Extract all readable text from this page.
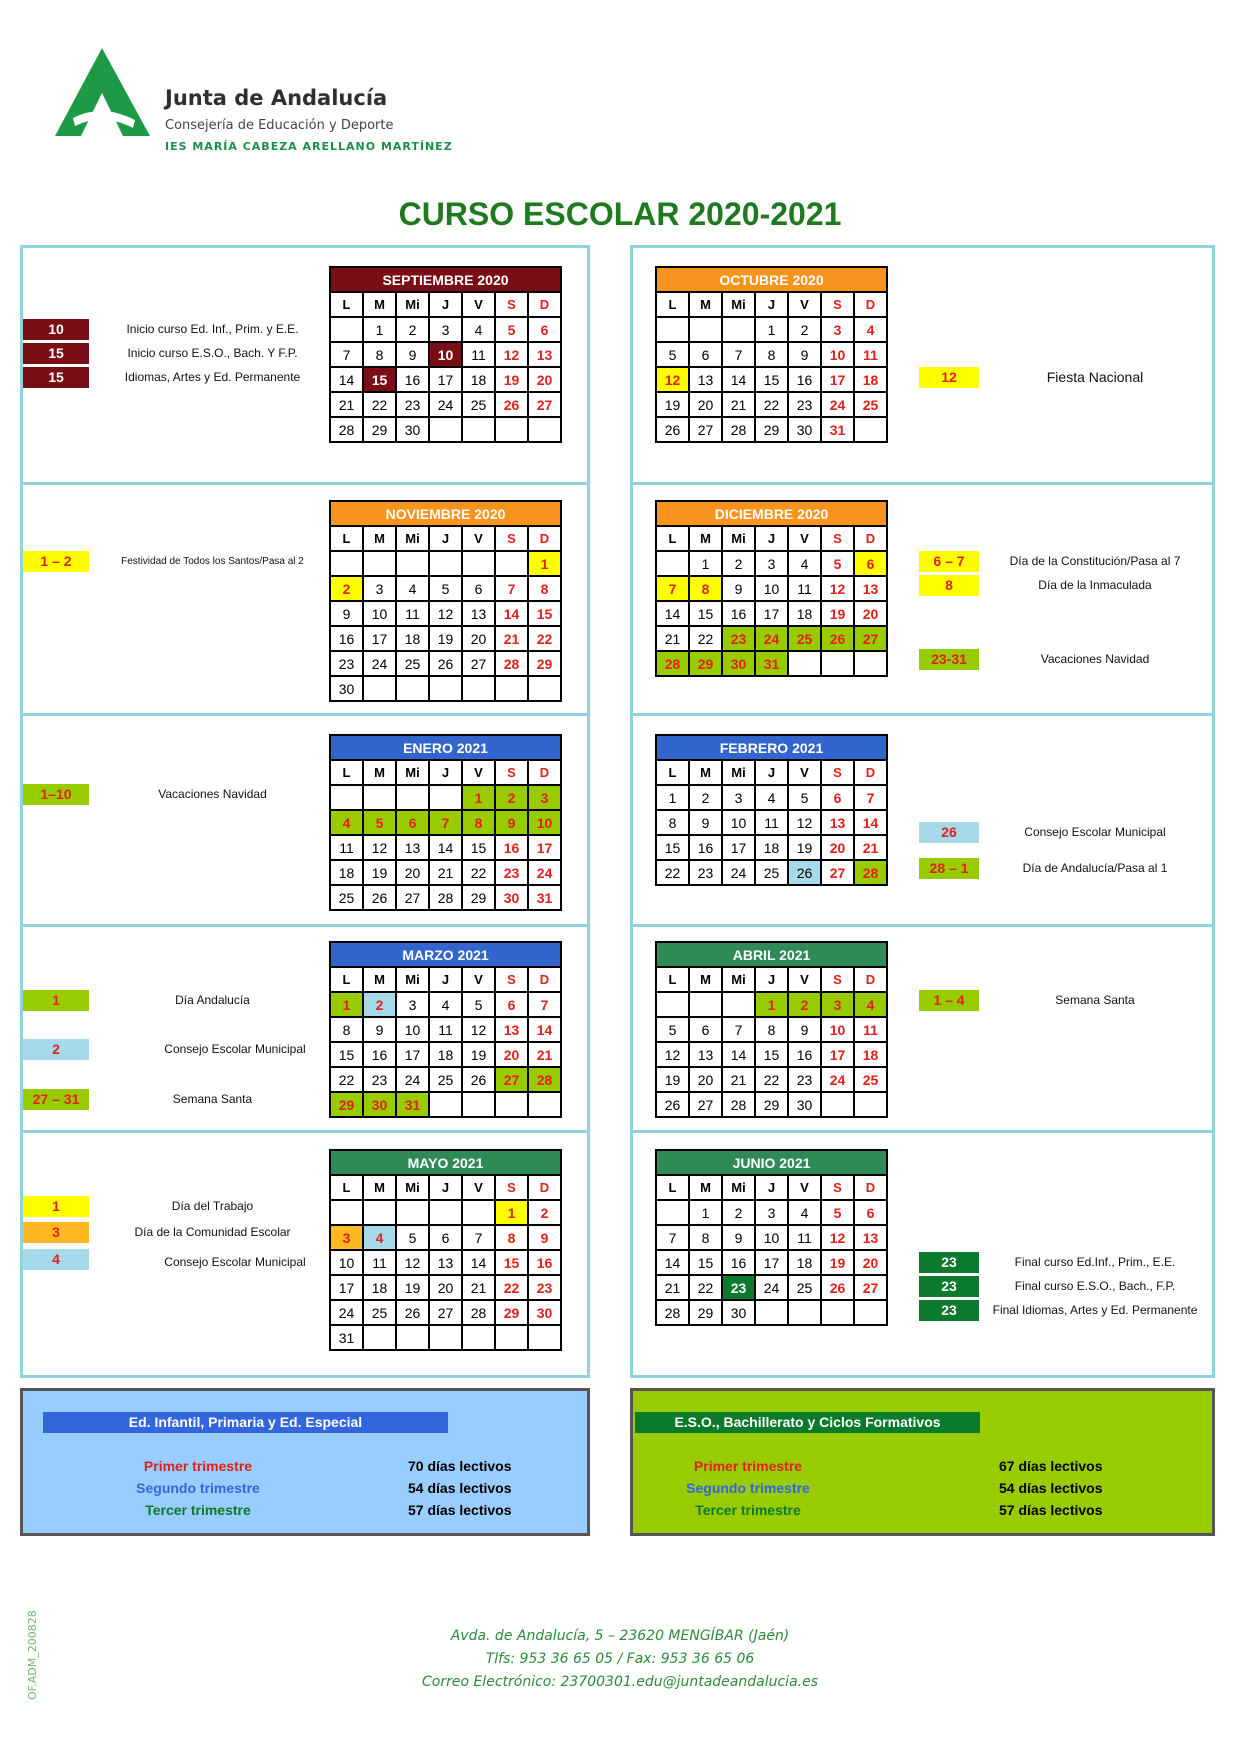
Junta de Andalucía
Consejería de Educación y Deporte
IES MARÍA CABEZA ARELLANO MARTÍNEZ
CURSO ESCOLAR 2020-2021
SEPTIEMBRE 2020						
L	M	Mi	J	V	S	D
	1	2	3	4	5	6
7	8	9	10	11	12	13
14	15	16	17	18	19	20
21	22	23	24	25	26	27
28	29	30				
OCTUBRE 2020						
L	M	Mi	J	V	S	D
			1	2	3	4
5	6	7	8	9	10	11
12	13	14	15	16	17	18
19	20	21	22	23	24	25
26	27	28	29	30	31	
NOVIEMBRE 2020						
L	M	Mi	J	V	S	D
						1
2	3	4	5	6	7	8
9	10	11	12	13	14	15
16	17	18	19	20	21	22
23	24	25	26	27	28	29
30						
DICIEMBRE 2020						
L	M	Mi	J	V	S	D
	1	2	3	4	5	6
7	8	9	10	11	12	13
14	15	16	17	18	19	20
21	22	23	24	25	26	27
28	29	30	31			
ENERO 2021						
L	M	Mi	J	V	S	D
				1	2	3
4	5	6	7	8	9	10
11	12	13	14	15	16	17
18	19	20	21	22	23	24
25	26	27	28	29	30	31
FEBRERO 2021						
L	M	Mi	J	V	S	D
1	2	3	4	5	6	7
8	9	10	11	12	13	14
15	16	17	18	19	20	21
22	23	24	25	26	27	28
MARZO 2021						
L	M	Mi	J	V	S	D
1	2	3	4	5	6	7
8	9	10	11	12	13	14
15	16	17	18	19	20	21
22	23	24	25	26	27	28
29	30	31				
ABRIL 2021						
L	M	Mi	J	V	S	D
			1	2	3	4
5	6	7	8	9	10	11
12	13	14	15	16	17	18
19	20	21	22	23	24	25
26	27	28	29	30		
MAYO 2021						
L	M	Mi	J	V	S	D
					1	2
3	4	5	6	7	8	9
10	11	12	13	14	15	16
17	18	19	20	21	22	23
24	25	26	27	28	29	30
31						
JUNIO 2021						
L	M	Mi	J	V	S	D
	1	2	3	4	5	6
7	8	9	10	11	12	13
14	15	16	17	18	19	20
21	22	23	24	25	26	27
28	29	30				
10	Inicio curso Ed. Inf., Prim. y E.E.
15	Inicio curso E.S.O., Bach. Y F.P.
15	Idiomas, Artes y Ed. Permanente	12	Fiesta Nacional
1 – 2	Festividad de Todos los Santos/Pasa al 2	6 – 7	Día de la Constitución/Pasa al 7
8	Día de la Inmaculada
23-31	Vacaciones Navidad
1–10	Vacaciones Navidad
26	Consejo Escolar Municipal
28 – 1	Día de Andalucía/Pasa al 1
1	Día Andalucía
2	Consejo Escolar Municipal
27 – 31	Semana Santa
1 – 4	Semana Santa
1	Día del Trabajo
3	Día de la Comunidad Escolar
4	Consejo Escolar Municipal	23	Final curso Ed.Inf., Prim., E.E.
23	Final curso E.S.O., Bach., F.P.
23	Final Idiomas, Artes y Ed. Permanente
Ed. Infantil, Primaria y Ed. Especial
Primer trimestre	70 días lectivos
Segundo trimestre	54 días lectivos
Tercer trimestre	57 días lectivos
E.S.O., Bachillerato y Ciclos Formativos
Primer trimestre	67 días lectivos
Segundo trimestre	54 días lectivos
Tercer trimestre	57 días lectivos
OF.ADM_200828	Avda. de Andalucía, 5 – 23620 MENGÍBAR (Jaén)
Tlfs: 953 36 65 05 / Fax: 953 36 65 06
Correo Electrónico: 23700301.edu@juntadeandalucia.es
